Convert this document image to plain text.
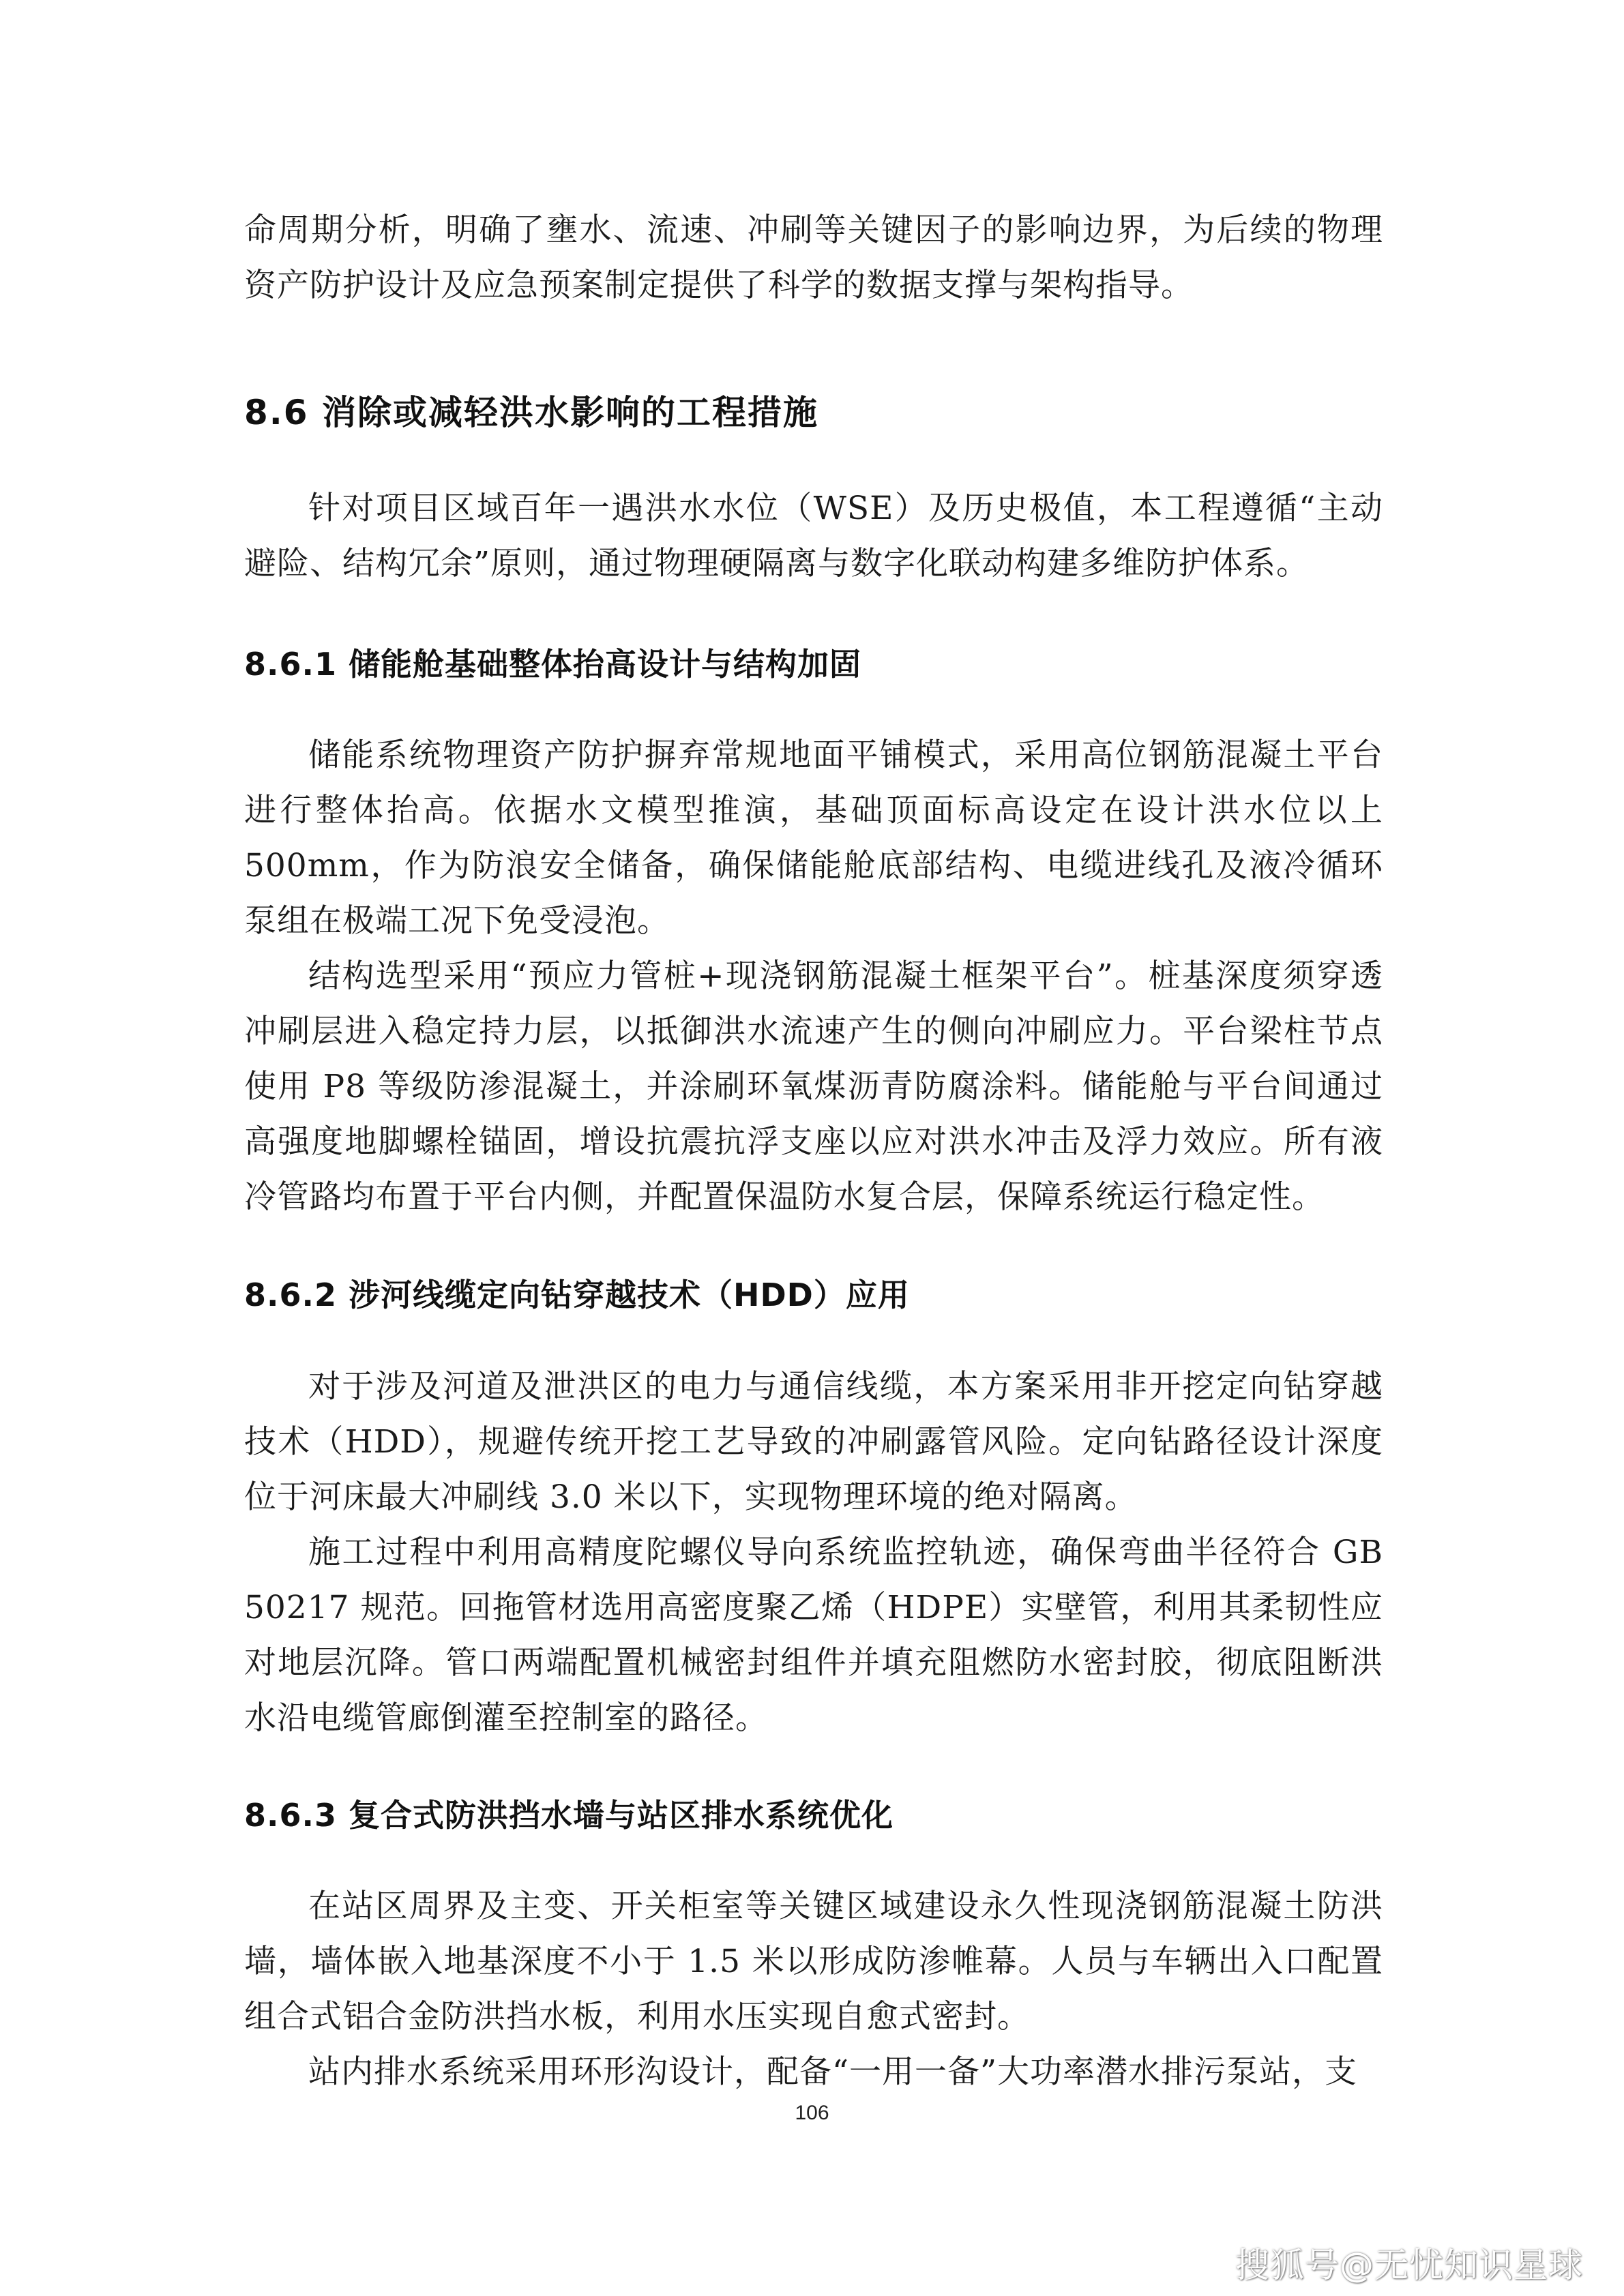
命周期分析，明确了壅水、流速、冲刷等关键因子的影响边界，为后续的物理资产防护设计及应急预案制定提供了科学的数据支撑与架构指导。

8.6 消除或减轻洪水影响的工程措施

针对项目区域百年一遇洪水水位（WSE）及历史极值，本工程遵循“主动避险、结构冗余”原则，通过物理硬隔离与数字化联动构建多维防护体系。

8.6.1 储能舱基础整体抬高设计与结构加固

储能系统物理资产防护摒弃常规地面平铺模式，采用高位钢筋混凝土平台进行整体抬高。依据水文模型推演，基础顶面标高设定在设计洪水位以上 500mm，作为防浪安全储备，确保储能舱底部结构、电缆进线孔及液冷循环泵组在极端工况下免受浸泡。

结构选型采用“预应力管桩+现浇钢筋混凝土框架平台”。桩基深度须穿透冲刷层进入稳定持力层，以抵御洪水流速产生的侧向冲刷应力。平台梁柱节点使用 P8 等级防渗混凝土，并涂刷环氧煤沥青防腐涂料。储能舱与平台间通过高强度地脚螺栓锚固，增设抗震抗浮支座以应对洪水冲击及浮力效应。所有液冷管路均布置于平台内侧，并配置保温防水复合层，保障系统运行稳定性。

8.6.2 涉河线缆定向钻穿越技术（HDD）应用

对于涉及河道及泄洪区的电力与通信线缆，本方案采用非开挖定向钻穿越技术（HDD），规避传统开挖工艺导致的冲刷露管风险。定向钻路径设计深度位于河床最大冲刷线 3.0 米以下，实现物理环境的绝对隔离。

施工过程中利用高精度陀螺仪导向系统监控轨迹，确保弯曲半径符合 GB 50217 规范。回拖管材选用高密度聚乙烯（HDPE）实壁管，利用其柔韧性应对地层沉降。管口两端配置机械密封组件并填充阻燃防水密封胶，彻底阻断洪水沿电缆管廊倒灌至控制室的路径。

8.6.3 复合式防洪挡水墙与站区排水系统优化

在站区周界及主变、开关柜室等关键区域建设永久性现浇钢筋混凝土防洪墙，墙体嵌入地基深度不小于 1.5 米以形成防渗帷幕。人员与车辆出入口配置组合式铝合金防洪挡水板，利用水压实现自愈式密封。

站内排水系统采用环形沟设计，配备“一用一备”大功率潜水排污泵站，支

106
搜狐号@无忧知识星球
